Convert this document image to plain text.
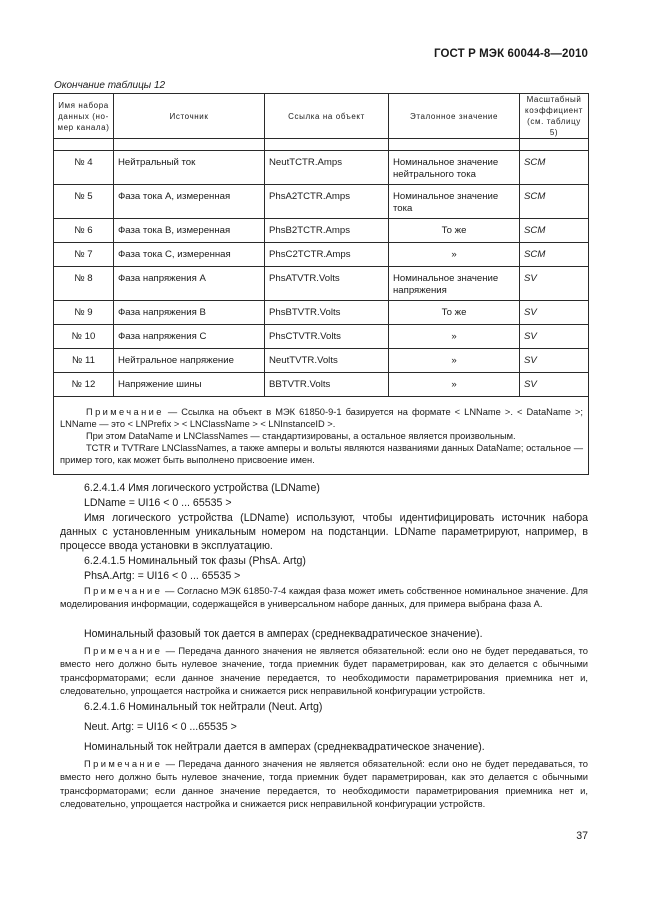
ГОСТ Р МЭК 60044-8—2010
Окончание таблицы 12
Имя набора данных (но- мер канала)	Источник	Ссылка на объект	Эталонное значение	Масштабный коэффициент (см. таблицу 5)

№ 4	Нейтральный ток	NeutTCTR.Amps	Номинальное значение нейтрального тока	SCM
№ 5	Фаза тока А, измеренная	PhsA2TCTR.Amps	Номинальное значение тока	SCM
№ 6	Фаза тока В, измеренная	PhsB2TCTR.Amps	То же	SCM
№ 7	Фаза тока С, измеренная	PhsC2TCTR.Amps	»	SCM
№ 8	Фаза напряжения А	PhsATVTR.Volts	Номинальное значение напряжения	SV
№ 9	Фаза напряжения В	PhsBTVTR.Volts	То же	SV
№ 10	Фаза напряжения С	PhsCTVTR.Volts	»	SV
№ 11	Нейтральное напряжение	NeutTVTR.Volts	»	SV
№ 12	Напряжение шины	BBTVTR.Volts	»	SV

Примечание — Ссылка на объект в МЭК 61850-9-1 базируется на формате < LNName >. < DataName >; LNName — это < LNPrefix > < LNClassName > < LNInstanceID >.

При этом DataName и LNClassNames — стандартизированы, а остальное является произвольным.

TCTR и TVTRare LNClassNames, а также амперы и вольты являются названиями данных DataName; остальное — пример того, как может быть выполнено присвоение имен.				

6.2.4.1.4 Имя логического устройства (LDName)

LDName = UI16 < 0 ... 65535 >

Имя логического устройства (LDName) используют, чтобы идентифицировать источник набора данных с установленным уникальным номером на подстанции. LDName параметрируют, например, в процессе ввода установки в эксплуатацию.

6.2.4.1.5 Номинальный ток фазы (PhsA. Artg)

PhsA.Artg: = UI16 < 0 ... 65535 >

Примечание — Согласно МЭК 61850-7-4 каждая фаза может иметь собственное номинальное значение. Для моделирования информации, содержащейся в универсальном наборе данных, для примера выбрана фаза А.

Номинальный фазовый ток дается в амперах (среднеквадратическое значение).

Примечание — Передача данного значения не является обязательной: если оно не будет передаваться, то вместо него должно быть нулевое значение, тогда приемник будет параметрирован, как это делается с обычными трансформаторами; если данное значение передается, то необходимости параметрирования приемника нет и, следовательно, упрощается настройка и снижается риск неправильной конфигурации устройств.

6.2.4.1.6 Номинальный ток нейтрали (Neut. Artg)

Neut. Artg: = UI16 < 0 ...65535 >

Номинальный ток нейтрали дается в амперах (среднеквадратическое значение).

Примечание — Передача данного значения не является обязательной: если оно не будет передаваться, то вместо него должно быть нулевое значение, тогда приемник будет параметрирован, как это делается с обычными трансформаторами; если данное значение передается, то необходимости параметрирования приемника нет и, следовательно, упрощается настройка и снижается риск неправильной конфигурации устройств.

37
